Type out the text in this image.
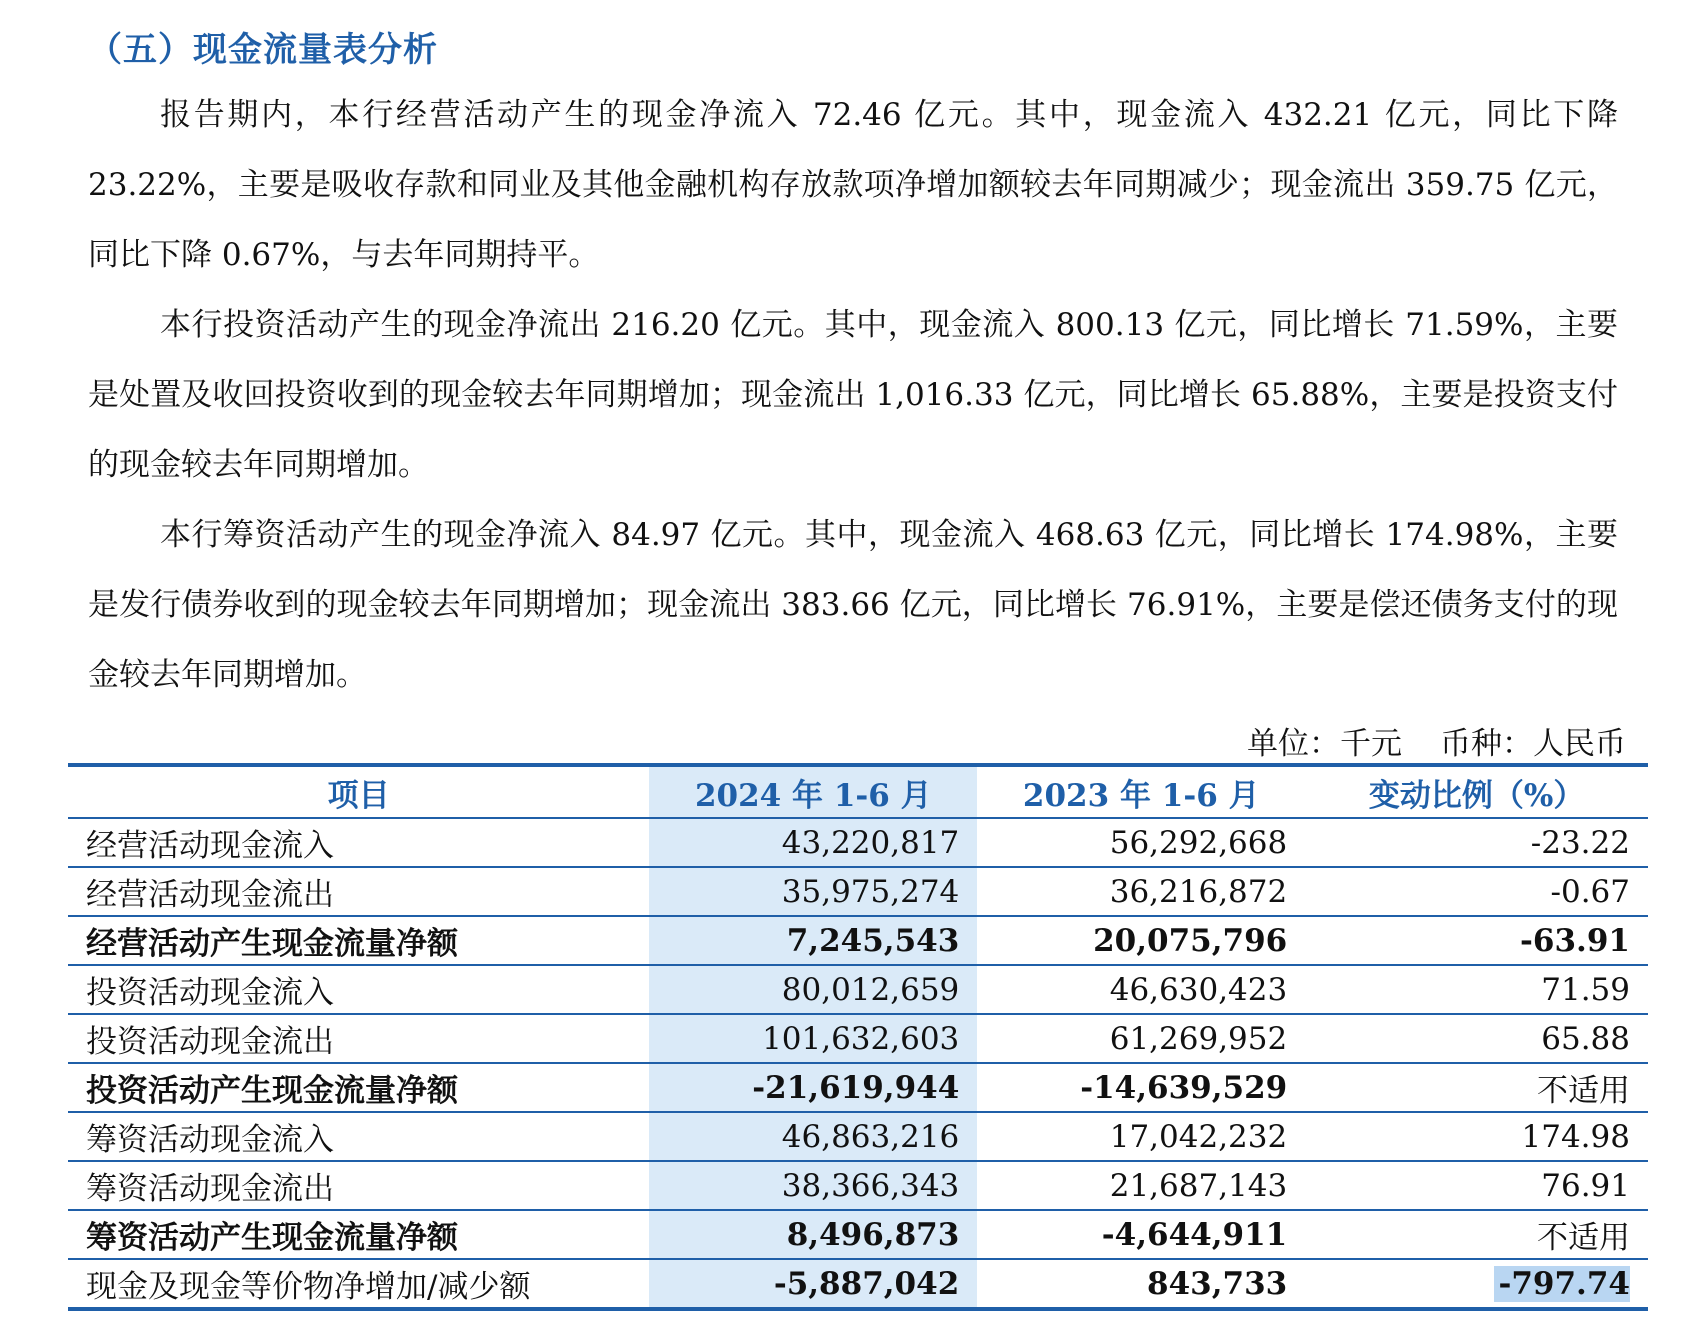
（五）现金流量表分析

报告期内，本行经营活动产生的现金净流入 72.46 亿元。其中，现金流入 432.21 亿元，同比下降 23.22%，主要是吸收存款和同业及其他金融机构存放款项净增加额较去年同期减少；现金流出 359.75 亿元，同比下降 0.67%，与去年同期持平。

本行投资活动产生的现金净流出 216.20 亿元。其中，现金流入 800.13 亿元，同比增长 71.59%，主要是处置及收回投资收到的现金较去年同期增加；现金流出 1,016.33 亿元，同比增长 65.88%，主要是投资支付的现金较去年同期增加。

本行筹资活动产生的现金净流入 84.97 亿元。其中，现金流入 468.63 亿元，同比增长 174.98%，主要是发行债券收到的现金较去年同期增加；现金流出 383.66 亿元，同比增长 76.91%，主要是偿还债务支付的现金较去年同期增加。

单位：千元 币种：人民币
项目	2024 年 1-6 月	2023 年 1-6 月	变动比例（%）
经营活动现金流入	43,220,817	56,292,668	-23.22
经营活动现金流出	35,975,274	36,216,872	-0.67
经营活动产生现金流量净额	7,245,543	20,075,796	-63.91
投资活动现金流入	80,012,659	46,630,423	71.59
投资活动现金流出	101,632,603	61,269,952	65.88
投资活动产生现金流量净额	-21,619,944	-14,639,529	不适用
筹资活动现金流入	46,863,216	17,042,232	174.98
筹资活动现金流出	38,366,343	21,687,143	76.91
筹资活动产生现金流量净额	8,496,873	-4,644,911	不适用
现金及现金等价物净增加/减少额	-5,887,042	843,733	-797.74
